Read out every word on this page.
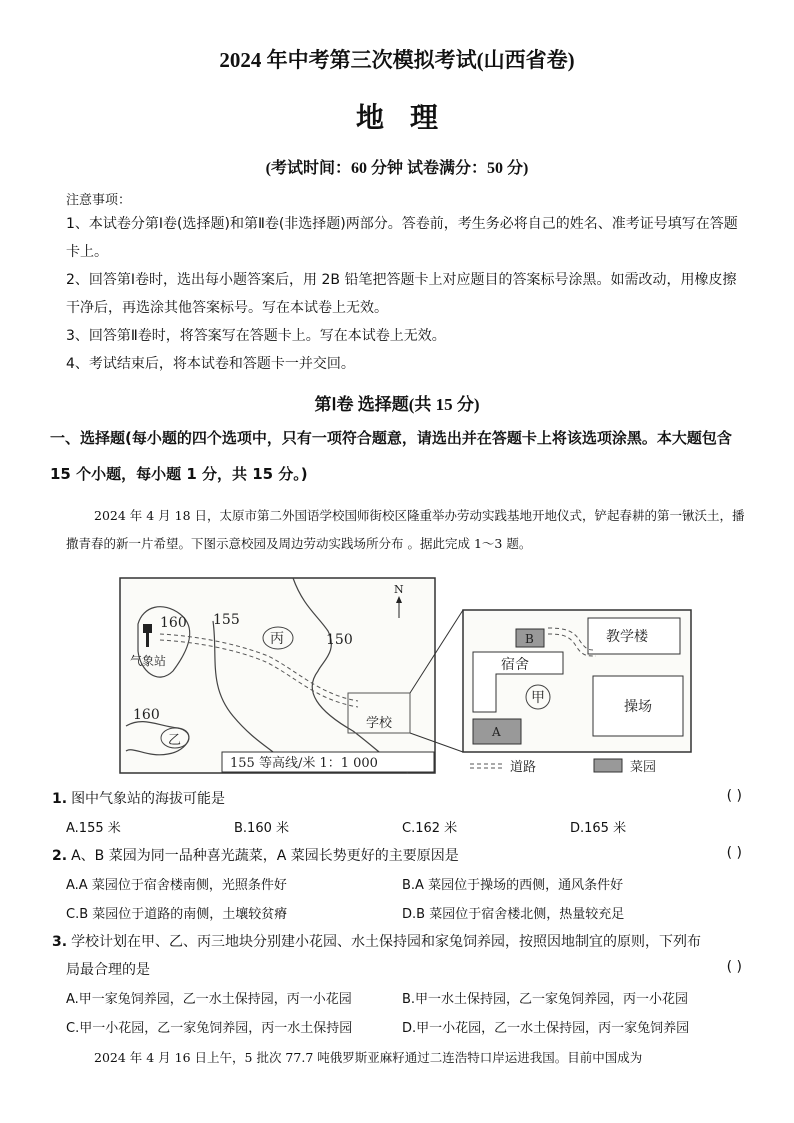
2024 年中考第三次模拟考试(山西省卷)
地理
(考试时间：60 分钟 试卷满分：50 分)
注意事项：
1、本试卷分第Ⅰ卷(选择题)和第Ⅱ卷(非选择题)两部分。答卷前，考生务必将自己的姓名、准考证号填写在答题卡上。
2、回答第Ⅰ卷时，选出每小题答案后，用 2B 铅笔把答题卡上对应题目的答案标号涂黑。如需改动，用橡皮擦干净后，再选涂其他答案标号。写在本试卷上无效。
3、回答第Ⅱ卷时，将答案写在答题卡上。写在本试卷上无效。
4、考试结束后，将本试卷和答题卡一并交回。
第Ⅰ卷 选择题(共 15 分)
一、选择题(每小题的四个选项中，只有一项符合题意，请选出并在答题卡上将该选项涂黑。本大题包含 15 个小题，每小题 1 分，共 15 分。)
2024 年 4 月 18 日，太原市第二外国语学校国师街校区隆重举办劳动实践基地开地仪式，铲起春耕的第一锹沃土，播撒青春的新一片希望。下图示意校园及周边劳动实践场所分布 。据此完成 1～3 题。
160 155
150
160
气象站
丙
乙
学校
N
155 等高线/米 1：1 000
教学楼
B
宿舍
甲
操场
A
道路	菜园
1. 图中气象站的海拔可能是	( )
A.155 米	B.160 米	C.162 米	D.165 米
2. A、B 菜园为同一品种喜光蔬菜，A 菜园长势更好的主要原因是	( )
A.A 菜园位于宿舍楼南侧，光照条件好	B.A 菜园位于操场的西侧，通风条件好
C.B 菜园位于道路的南侧，土壤较贫瘠	D.B 菜园位于宿舍楼北侧，热量较充足
3. 学校计划在甲、乙、丙三地块分别建小花园、水土保持园和家兔饲养园，按照因地制宜的原则，下列布
局最合理的是	( )
A.甲一家兔饲养园，乙一水土保持园，丙一小花园	B.甲一水土保持园，乙一家兔饲养园，丙一小花园
C.甲一小花园，乙一家兔饲养园，丙一水土保持园	D.甲一小花园，乙一水土保持园，丙一家兔饲养园
2024 年 4 月 16 日上午，5 批次 77.7 吨俄罗斯亚麻籽通过二连浩特口岸运进我国。目前中国成为
